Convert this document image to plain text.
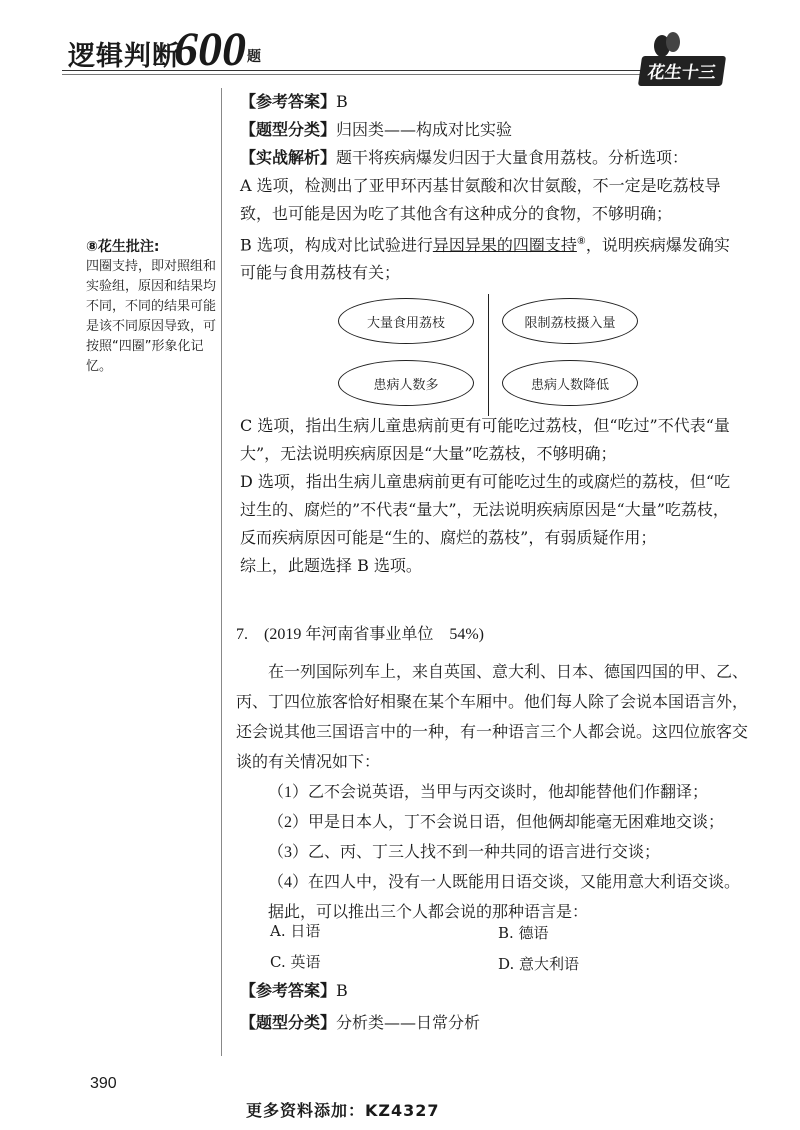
逻辑判断
600 题
花生十三
⑧花生批注:
四圈支持，即对照组和实验组，原因和结果均不同，不同的结果可能是该不同原因导致，可按照“四圈”形象化记忆。

【参考答案】B

【题型分类】归因类——构成对比实验

【实战解析】题干将疾病爆发归因于大量食用荔枝。分析选项：

A 选项，检测出了亚甲环丙基甘氨酸和次甘氨酸，不一定是吃荔枝导致，也可能是因为吃了其他含有这种成分的食物，不够明确；

B 选项，构成对比试验进行异因异果的四圈支持⑧，说明疾病爆发确实可能与食用荔枝有关；

大量食用荔枝	限制荔枝摄入量
患病人数多	患病人数降低

C 选项，指出生病儿童患病前更有可能吃过荔枝，但“吃过”不代表“量大”，无法说明疾病原因是“大量”吃荔枝，不够明确；

D 选项，指出生病儿童患病前更有可能吃过生的或腐烂的荔枝，但“吃过生的、腐烂的”不代表“量大”，无法说明疾病原因是“大量”吃荔枝，反而疾病原因可能是“生的、腐烂的荔枝”，有弱质疑作用；

综上，此题选择 B 选项。

7.　(2019 年河南省事业单位　54%)
在一列国际列车上，来自英国、意大利、日本、德国四国的甲、乙、丙、丁四位旅客恰好相聚在某个车厢中。他们每人除了会说本国语言外，还会说其他三国语言中的一种，有一种语言三个人都会说。这四位旅客交谈的有关情况如下：
（1）乙不会说英语，当甲与丙交谈时，他却能替他们作翻译；
（2）甲是日本人，丁不会说日语，但他俩却能毫无困难地交谈；
（3）乙、丙、丁三人找不到一种共同的语言进行交谈；
（4）在四人中，没有一人既能用日语交谈，又能用意大利语交谈。
据此，可以推出三个人都会说的那种语言是：
A. 日语	B. 德语
C. 英语	D. 意大利语

【参考答案】B

【题型分类】分析类——日常分析

390
更多资料添加：KZ4327
